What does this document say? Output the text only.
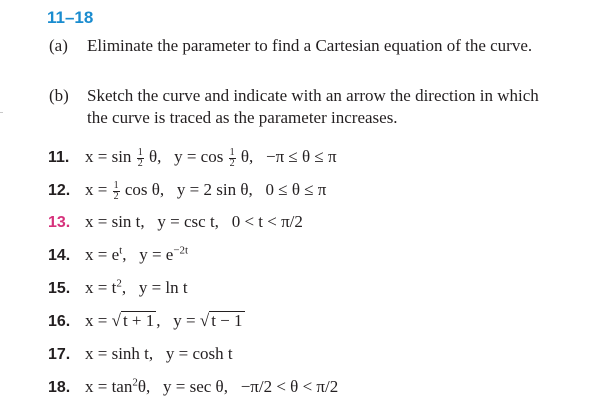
11–18
(a) Eliminate the parameter to find a Cartesian equation of the curve.
(b) Sketch the curve and indicate with an arrow the direction in which the curve is traced as the parameter increases.
11. $x = \sin \frac{1}{2} \theta$, $y = \cos \frac{1}{2} \theta$, −π ≤ θ ≤ π
12. $x = \frac{1}{2}$ cos θ, y = 2 sin θ, 0 ≤ θ ≤ π
13. x = sin t, y = csc t, 0 < t < π/2
14. $x = e^t$, $y = e^{-2t}$
15. $x = t^2$, y = ln t
16. x = √ t + 1 , y = √ t − 1
17. x = sinh t, y = cosh t
18. $x = \tan^2\theta$, y = sec θ, −π/2 < θ < π/2
